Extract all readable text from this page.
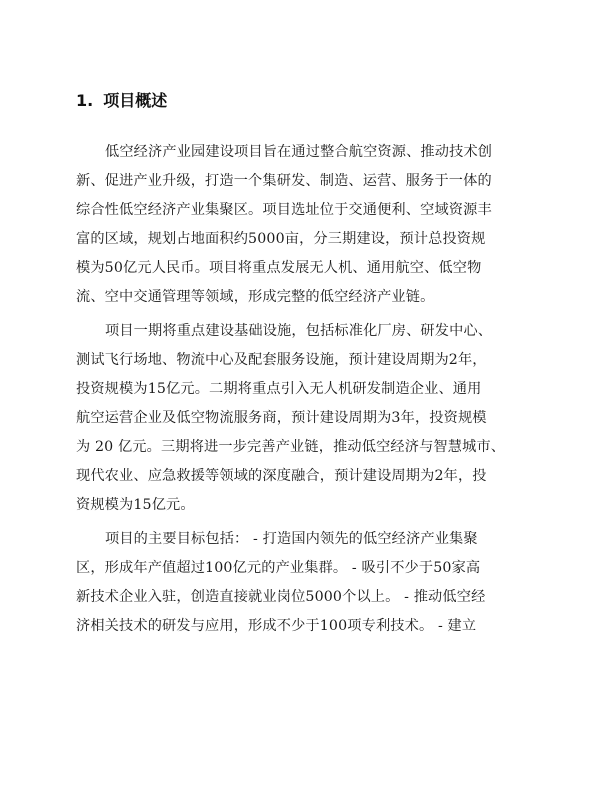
1. 项目概述
低空经济产业园建设项目旨在通过整合航空资源、推动技术创
新、促进产业升级，打造一个集研发、制造、运营、服务于一体的
综合性低空经济产业集聚区。项目选址位于交通便利、空域资源丰
富的区域，规划占地面积约5000亩，分三期建设，预计总投资规
模为50亿元人民币。项目将重点发展无人机、通用航空、低空物
流、空中交通管理等领域，形成完整的低空经济产业链。
项目一期将重点建设基础设施，包括标准化厂房、研发中心、
测试飞行场地、物流中心及配套服务设施，预计建设周期为2年，
投资规模为15亿元。二期将重点引入无人机研发制造企业、通用
航空运营企业及低空物流服务商，预计建设周期为3年，投资规模
为 20 亿元。三期将进一步完善产业链，推动低空经济与智慧城市、
现代农业、应急救援等领域的深度融合，预计建设周期为2年，投
资规模为15亿元。
项目的主要目标包括： - 打造国内领先的低空经济产业集聚
区，形成年产值超过100亿元的产业集群。 - 吸引不少于50家高
新技术企业入驻，创造直接就业岗位5000个以上。 - 推动低空经
济相关技术的研发与应用，形成不少于100项专利技术。 - 建立
